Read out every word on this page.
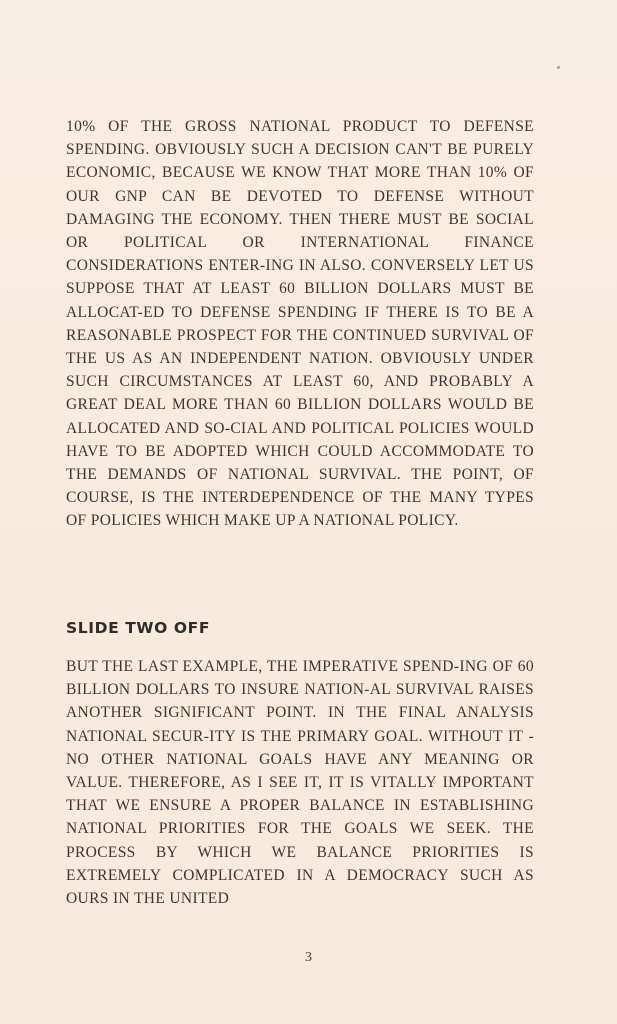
10% OF THE GROSS NATIONAL PRODUCT TO DEFENSE SPENDING. OBVIOUSLY SUCH A DECISION CAN'T BE PURELY ECONOMIC, BECAUSE WE KNOW THAT MORE THAN 10% OF OUR GNP CAN BE DEVOTED TO DEFENSE WITHOUT DAMAGING THE ECONOMY. THEN THERE MUST BE SOCIAL OR POLITICAL OR INTERNATIONAL FINANCE CONSIDERATIONS ENTER-ING IN ALSO. CONVERSELY LET US SUPPOSE THAT AT LEAST 60 BILLION DOLLARS MUST BE ALLOCAT-ED TO DEFENSE SPENDING IF THERE IS TO BE A REASONABLE PROSPECT FOR THE CONTINUED SURVIVAL OF THE US AS AN INDEPENDENT NATION. OBVIOUSLY UNDER SUCH CIRCUMSTANCES AT LEAST 60, AND PROBABLY A GREAT DEAL MORE THAN 60 BILLION DOLLARS WOULD BE ALLOCATED AND SO-CIAL AND POLITICAL POLICIES WOULD HAVE TO BE ADOPTED WHICH COULD ACCOMMODATE TO THE DEMANDS OF NATIONAL SURVIVAL. THE POINT, OF COURSE, IS THE INTERDEPENDENCE OF THE MANY TYPES OF POLICIES WHICH MAKE UP A NATIONAL POLICY.

SLIDE TWO OFF

BUT THE LAST EXAMPLE, THE IMPERATIVE SPEND-ING OF 60 BILLION DOLLARS TO INSURE NATION-AL SURVIVAL RAISES ANOTHER SIGNIFICANT POINT. IN THE FINAL ANALYSIS NATIONAL SECUR-ITY IS THE PRIMARY GOAL. WITHOUT IT - NO OTHER NATIONAL GOALS HAVE ANY MEANING OR VALUE. THEREFORE, AS I SEE IT, IT IS VITALLY IMPORTANT THAT WE ENSURE A PROPER BALANCE IN ESTABLISHING NATIONAL PRIORITIES FOR THE GOALS WE SEEK. THE PROCESS BY WHICH WE BALANCE PRIORITIES IS EXTREMELY COMPLICATED IN A DEMOCRACY SUCH AS OURS IN THE UNITED

3
